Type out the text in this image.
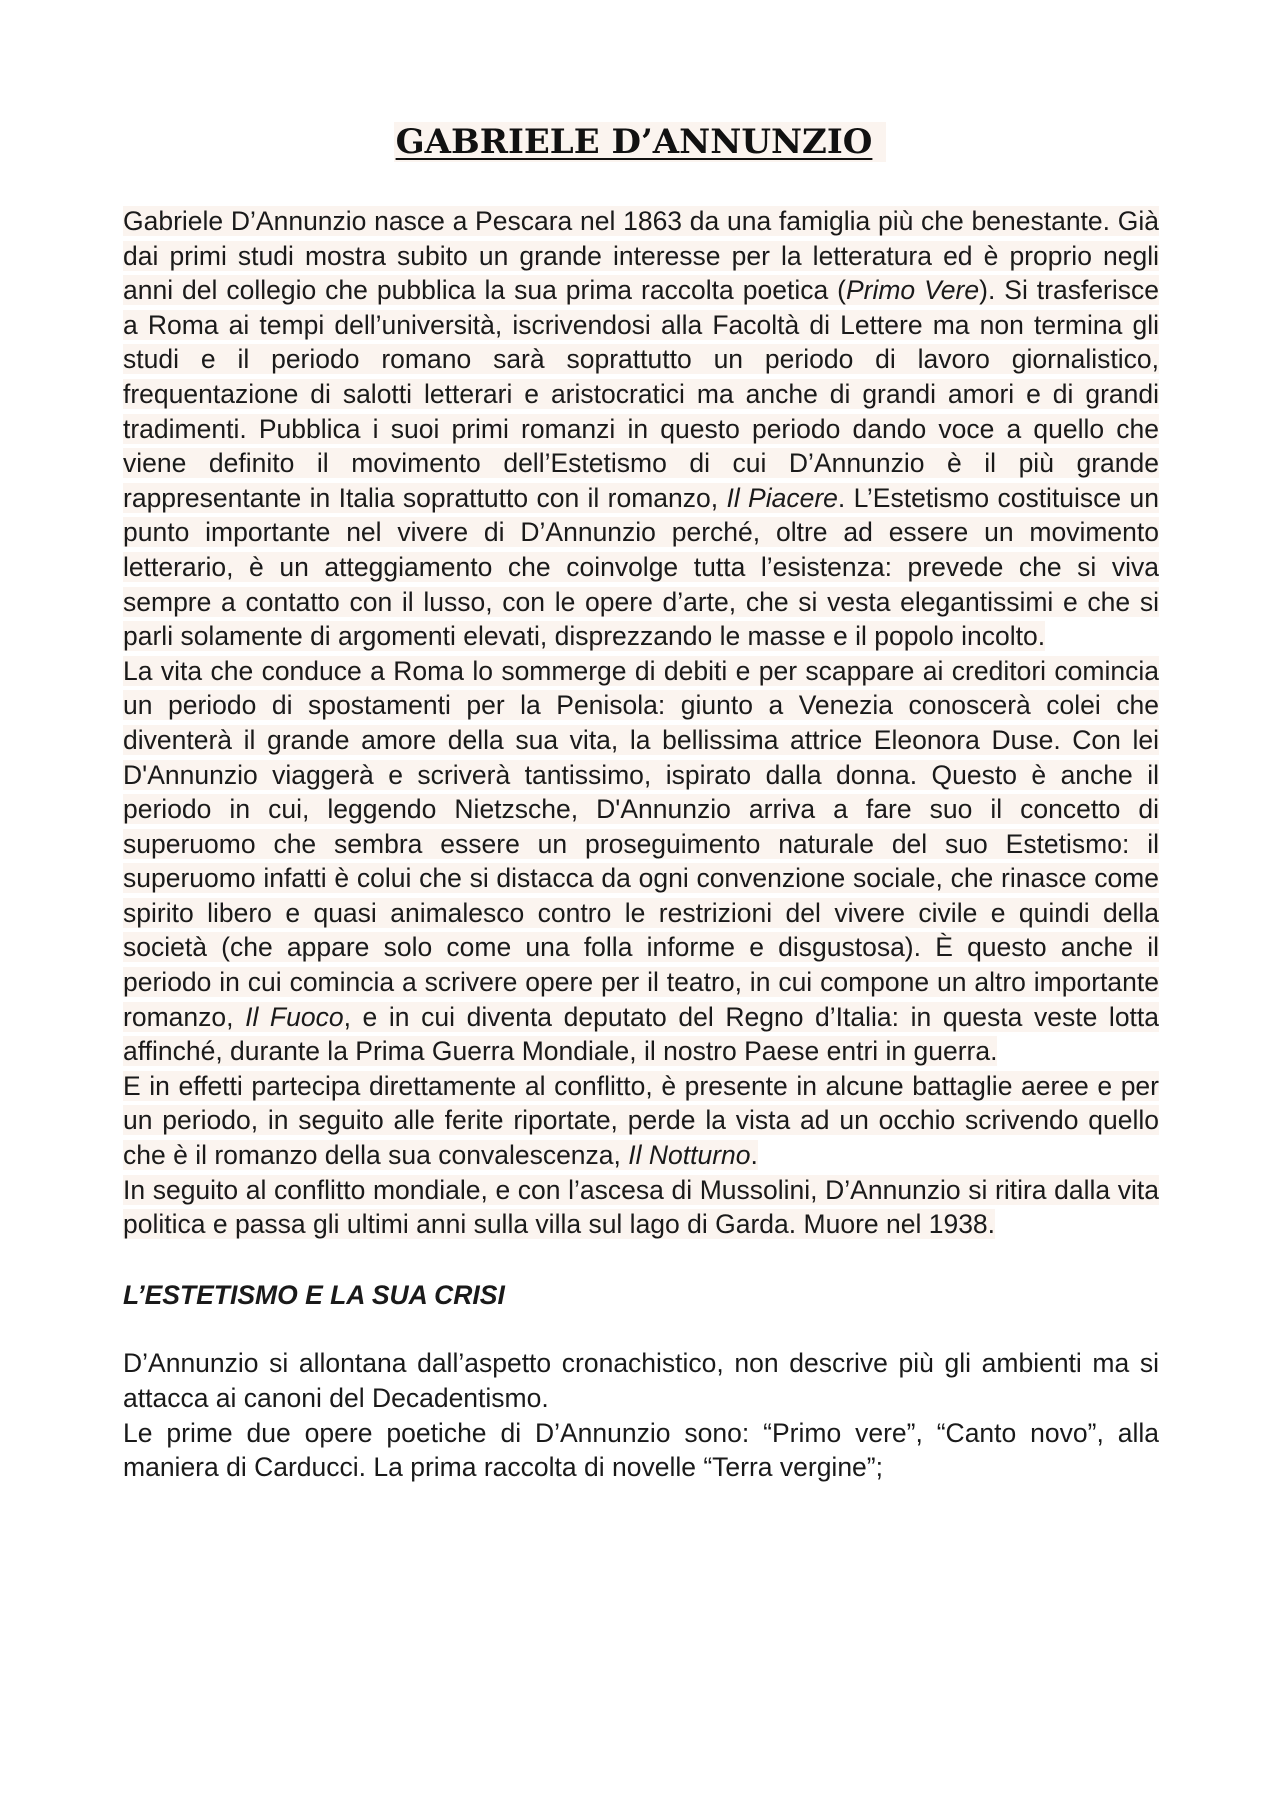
GABRIELE D’ANNUNZIO

Gabriele D’Annunzio nasce a Pescara nel 1863 da una famiglia più che benestante. Già dai primi studi mostra subito un grande interesse per la letteratura ed è proprio negli anni del collegio che pubblica la sua prima raccolta poetica (Primo Vere). Si trasferisce a Roma ai tempi dell’università, iscrivendosi alla Facoltà di Lettere ma non termina gli studi e il periodo romano sarà soprattutto un periodo di lavoro giornalistico, frequentazione di salotti letterari e aristocratici ma anche di grandi amori e di grandi tradimenti. Pubblica i suoi primi romanzi in questo periodo dando voce a quello che viene definito il movimento dell’Estetismo di cui D’Annunzio è il più grande rappresentante in Italia soprattutto con il romanzo, Il Piacere. L’Estetismo costituisce un punto importante nel vivere di D’Annunzio perché, oltre ad essere un movimento letterario, è un atteggiamento che coinvolge tutta l’esistenza: prevede che si viva sempre a contatto con il lusso, con le opere d’arte, che si vesta elegantissimi e che si parli solamente di argomenti elevati, disprezzando le masse e il popolo incolto.

La vita che conduce a Roma lo sommerge di debiti e per scappare ai creditori comincia un periodo di spostamenti per la Penisola: giunto a Venezia conoscerà colei che diventerà il grande amore della sua vita, la bellissima attrice Eleonora Duse. Con lei D'Annunzio viaggerà e scriverà tantissimo, ispirato dalla donna. Questo è anche il periodo in cui, leggendo Nietzsche, D'Annunzio arriva a fare suo il concetto di superuomo che sembra essere un proseguimento naturale del suo Estetismo: il superuomo infatti è colui che si distacca da ogni convenzione sociale, che rinasce come spirito libero e quasi animalesco contro le restrizioni del vivere civile e quindi della società (che appare solo come una folla informe e disgustosa). È questo anche il periodo in cui comincia a scrivere opere per il teatro, in cui compone un altro importante romanzo, Il Fuoco, e in cui diventa deputato del Regno d’Italia: in questa veste lotta affinché, durante la Prima Guerra Mondiale, il nostro Paese entri in guerra.

E in effetti partecipa direttamente al conflitto, è presente in alcune battaglie aeree e per un periodo, in seguito alle ferite riportate, perde la vista ad un occhio scrivendo quello che è il romanzo della sua convalescenza, Il Notturno.

In seguito al conflitto mondiale, e con l’ascesa di Mussolini, D’Annunzio si ritira dalla vita politica e passa gli ultimi anni sulla villa sul lago di Garda. Muore nel 1938.

L’ESTETISMO E LA SUA CRISI

D’Annunzio si allontana dall’aspetto cronachistico, non descrive più gli ambienti ma si attacca ai canoni del Decadentismo.

Le prime due opere poetiche di D’Annunzio sono: “Primo vere”, “Canto novo”, alla maniera di Carducci. La prima raccolta di novelle “Terra vergine”;
